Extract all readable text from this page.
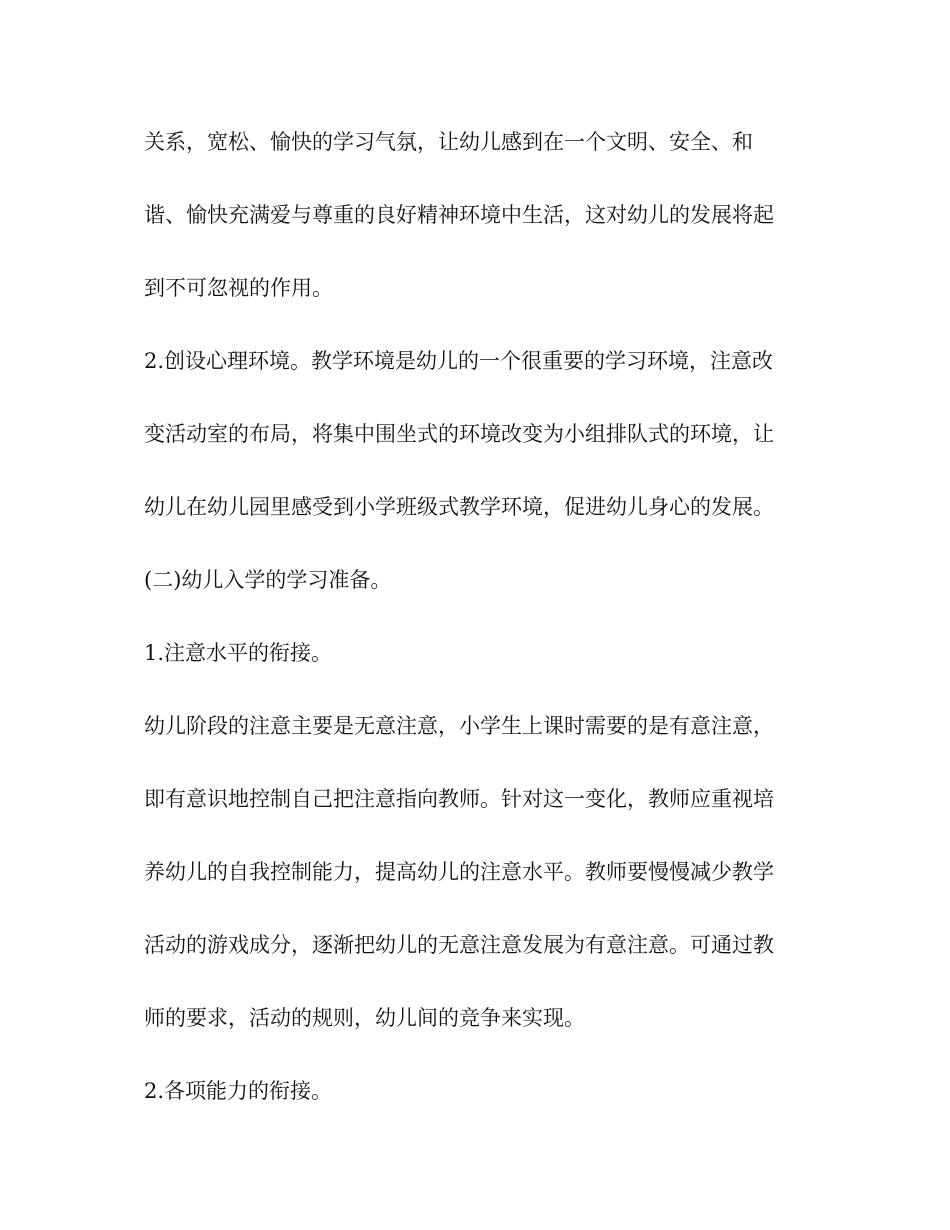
关系，宽松、愉快的学习气氛，让幼儿感到在一个文明、安全、和
谐、愉快充满爱与尊重的良好精神环境中生活，这对幼儿的发展将起
到不可忽视的作用。
2.创设心理环境。教学环境是幼儿的一个很重要的学习环境，注意改
变活动室的布局，将集中围坐式的环境改变为小组排队式的环境，让
幼儿在幼儿园里感受到小学班级式教学环境，促进幼儿身心的发展。
(二)幼儿入学的学习准备。
1.注意水平的衔接。
幼儿阶段的注意主要是无意注意，小学生上课时需要的是有意注意，
即有意识地控制自己把注意指向教师。针对这一变化，教师应重视培
养幼儿的自我控制能力，提高幼儿的注意水平。教师要慢慢减少教学
活动的游戏成分，逐渐把幼儿的无意注意发展为有意注意。可通过教
师的要求，活动的规则，幼儿间的竞争来实现。
2.各项能力的衔接。
